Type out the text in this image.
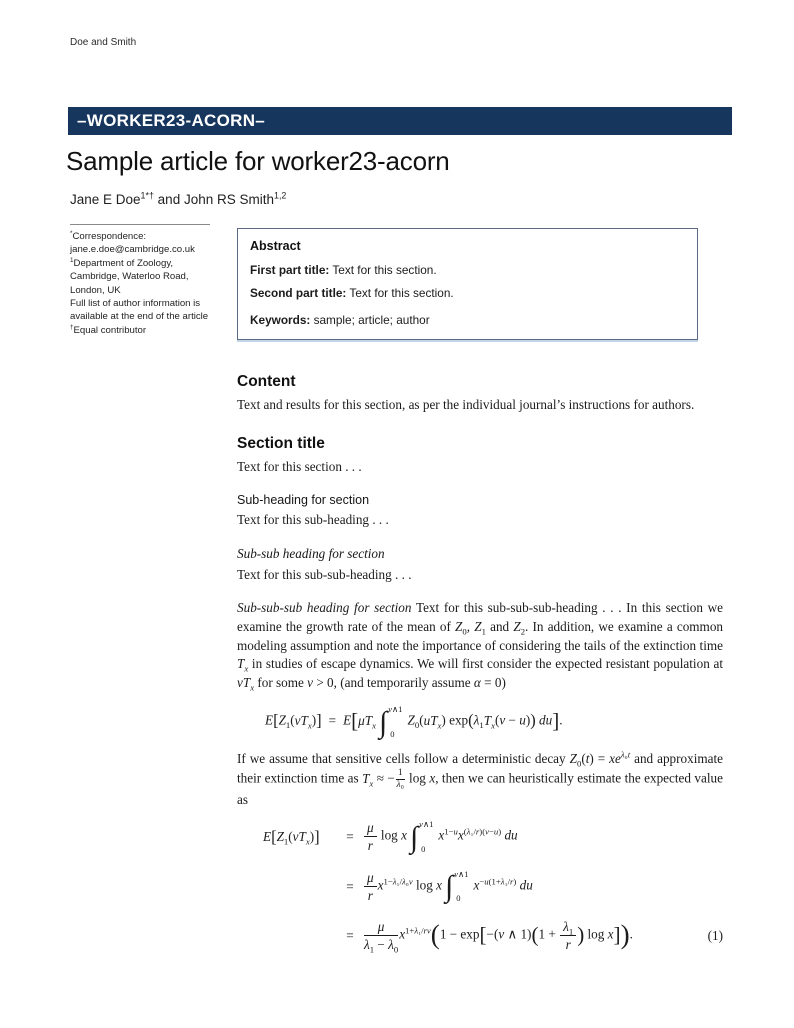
Doe and Smith
–WORKER23-ACORN–
Sample article for worker23-acorn
Jane E Doe$^{1*\dagger}$ and John RS Smith$^{1,2}$
*Correspondence:
jane.e.doe@cambridge.co.uk
$^1$Department of Zoology,
Cambridge, Waterloo Road,
London, UK
Full list of author information is
available at the end of the article
†Equal contributor
Abstract

First part title: Text for this section.

Second part title: Text for this section.

Keywords: sample; article; author

Content

Text and results for this section, as per the individual journal’s instructions for authors.

Section title

Text for this section . . .

Sub-heading for section

Text for this sub-heading . . .

Sub-sub heading for section

Text for this sub-sub-heading . . .

Sub-sub-sub heading for section Text for this sub-sub-sub-heading . . . In this section we examine the growth rate of the mean of $Z_0$, $Z_1$ and $Z_2$. In addition, we examine a common modeling assumption and note the importance of considering the tails of the extinction time $T_x$ in studies of escape dynamics. We will first consider the expected resistant population at $vT_x$ for some v > 0, (and temporarily assume α = 0)

$E[Z_1(vT_x)] = E[\mu T_x$ ∫ v∧1
0
$Z_0(uT_x) \exp(\lambda_1T_x(v - u))$ du].

If we assume that sensitive cells follow a deterministic decay $Z_0(t) = xe^{\lambda_0t}$ and approximate their extinction time as $T_x$ ≈ − $\frac{1}{\text{λ₀}}$ log x, then we can heuristically estimate the expected value as

$E[Z_1(vT_x)]$	= $\frac{\mu}{r}$ log x ∫ v∧1
0
$x^{1-u}x^{(\lambda_1/r)(v-u)}$ du
= $\frac{\mu}{r} x^{1-\lambda_1/\lambda_0v}$ log x ∫ v∧1
0
$x^{-u(1+\lambda_1/r)}$ du
= $\frac{\mu}{\lambda_1 - \lambda_0} x^{1+\lambda_1/rv}(1 - \exp[-(v$ ∧ $1)(1 + \frac{\lambda_1}{r}$ ) log x]).	(1)
